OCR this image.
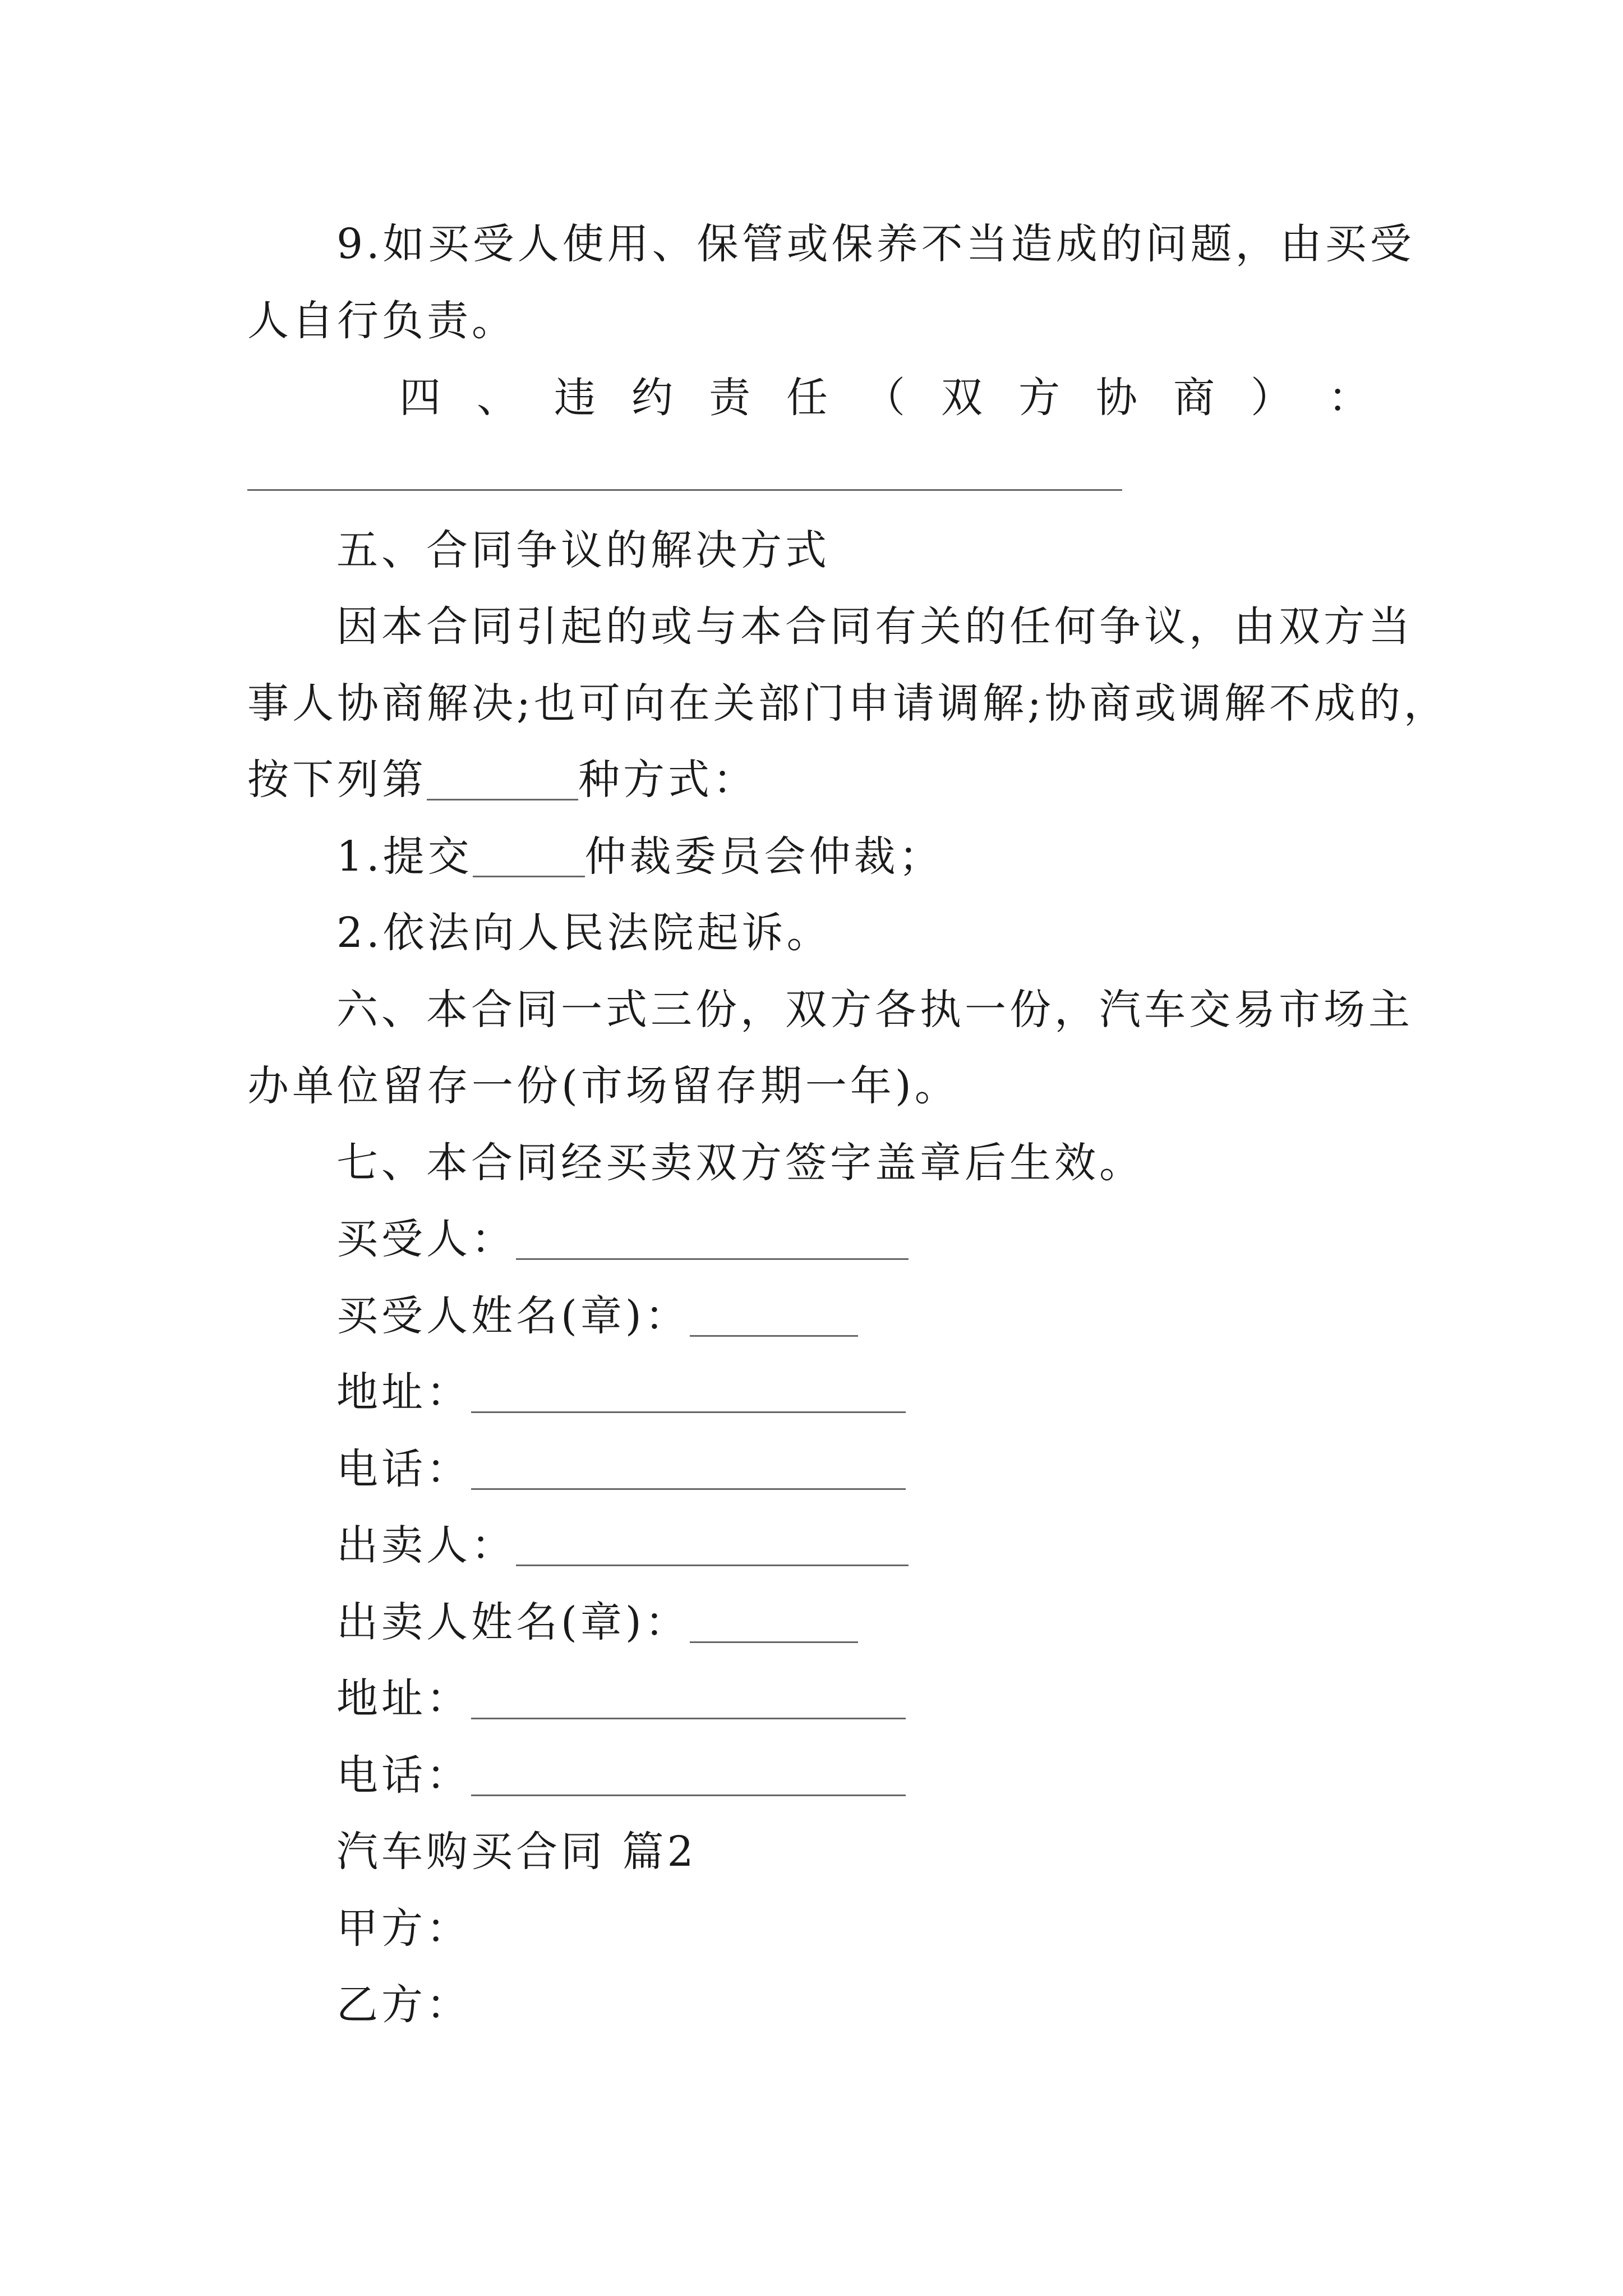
9.如买受人使用、保管或保养不当造成的问题，由买受
人自行负责。
四 、 违 约 责 任 （ 双 方 协 商 ） ：
五、合同争议的解决方式
因本合同引起的或与本合同有关的任何争议，由双方当
事人协商解决;也可向在关部门申请调解;协商或调解不成的，
按下列第	种方式：
1.提交	仲裁委员会仲裁；
2.依法向人民法院起诉。
六、本合同一式三份，双方各执一份，汽车交易市场主
办单位留存一份(市场留存期一年)。
七、本合同经买卖双方签字盖章后生效。
买受人：
买受人姓名(章)：
地址：
电话：
出卖人：
出卖人姓名(章)：
地址：
电话：
汽车购买合同 篇2
甲方：
乙方：
